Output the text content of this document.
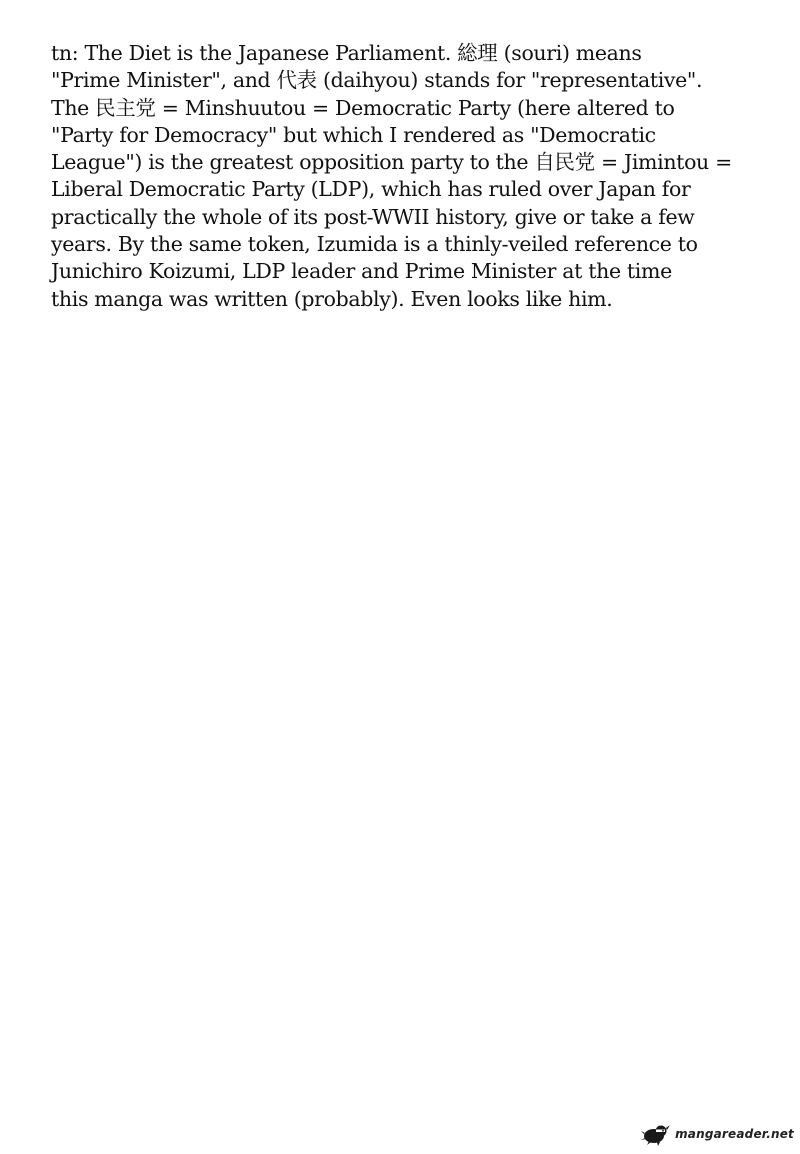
tn: The Diet is the Japanese Parliament. 総理 (souri) means
"Prime Minister", and 代表 (daihyou) stands for "representative".
The 民主党 = Minshuutou = Democratic Party (here altered to
"Party for Democracy" but which I rendered as "Democratic
League") is the greatest opposition party to the 自民党 = Jimintou =
Liberal Democratic Party (LDP), which has ruled over Japan for
practically the whole of its post-WWII history, give or take a few
years. By the same token, Izumida is a thinly-veiled reference to
Junichiro Koizumi, LDP leader and Prime Minister at the time
this manga was written (probably). Even looks like him.
mangareader.net
